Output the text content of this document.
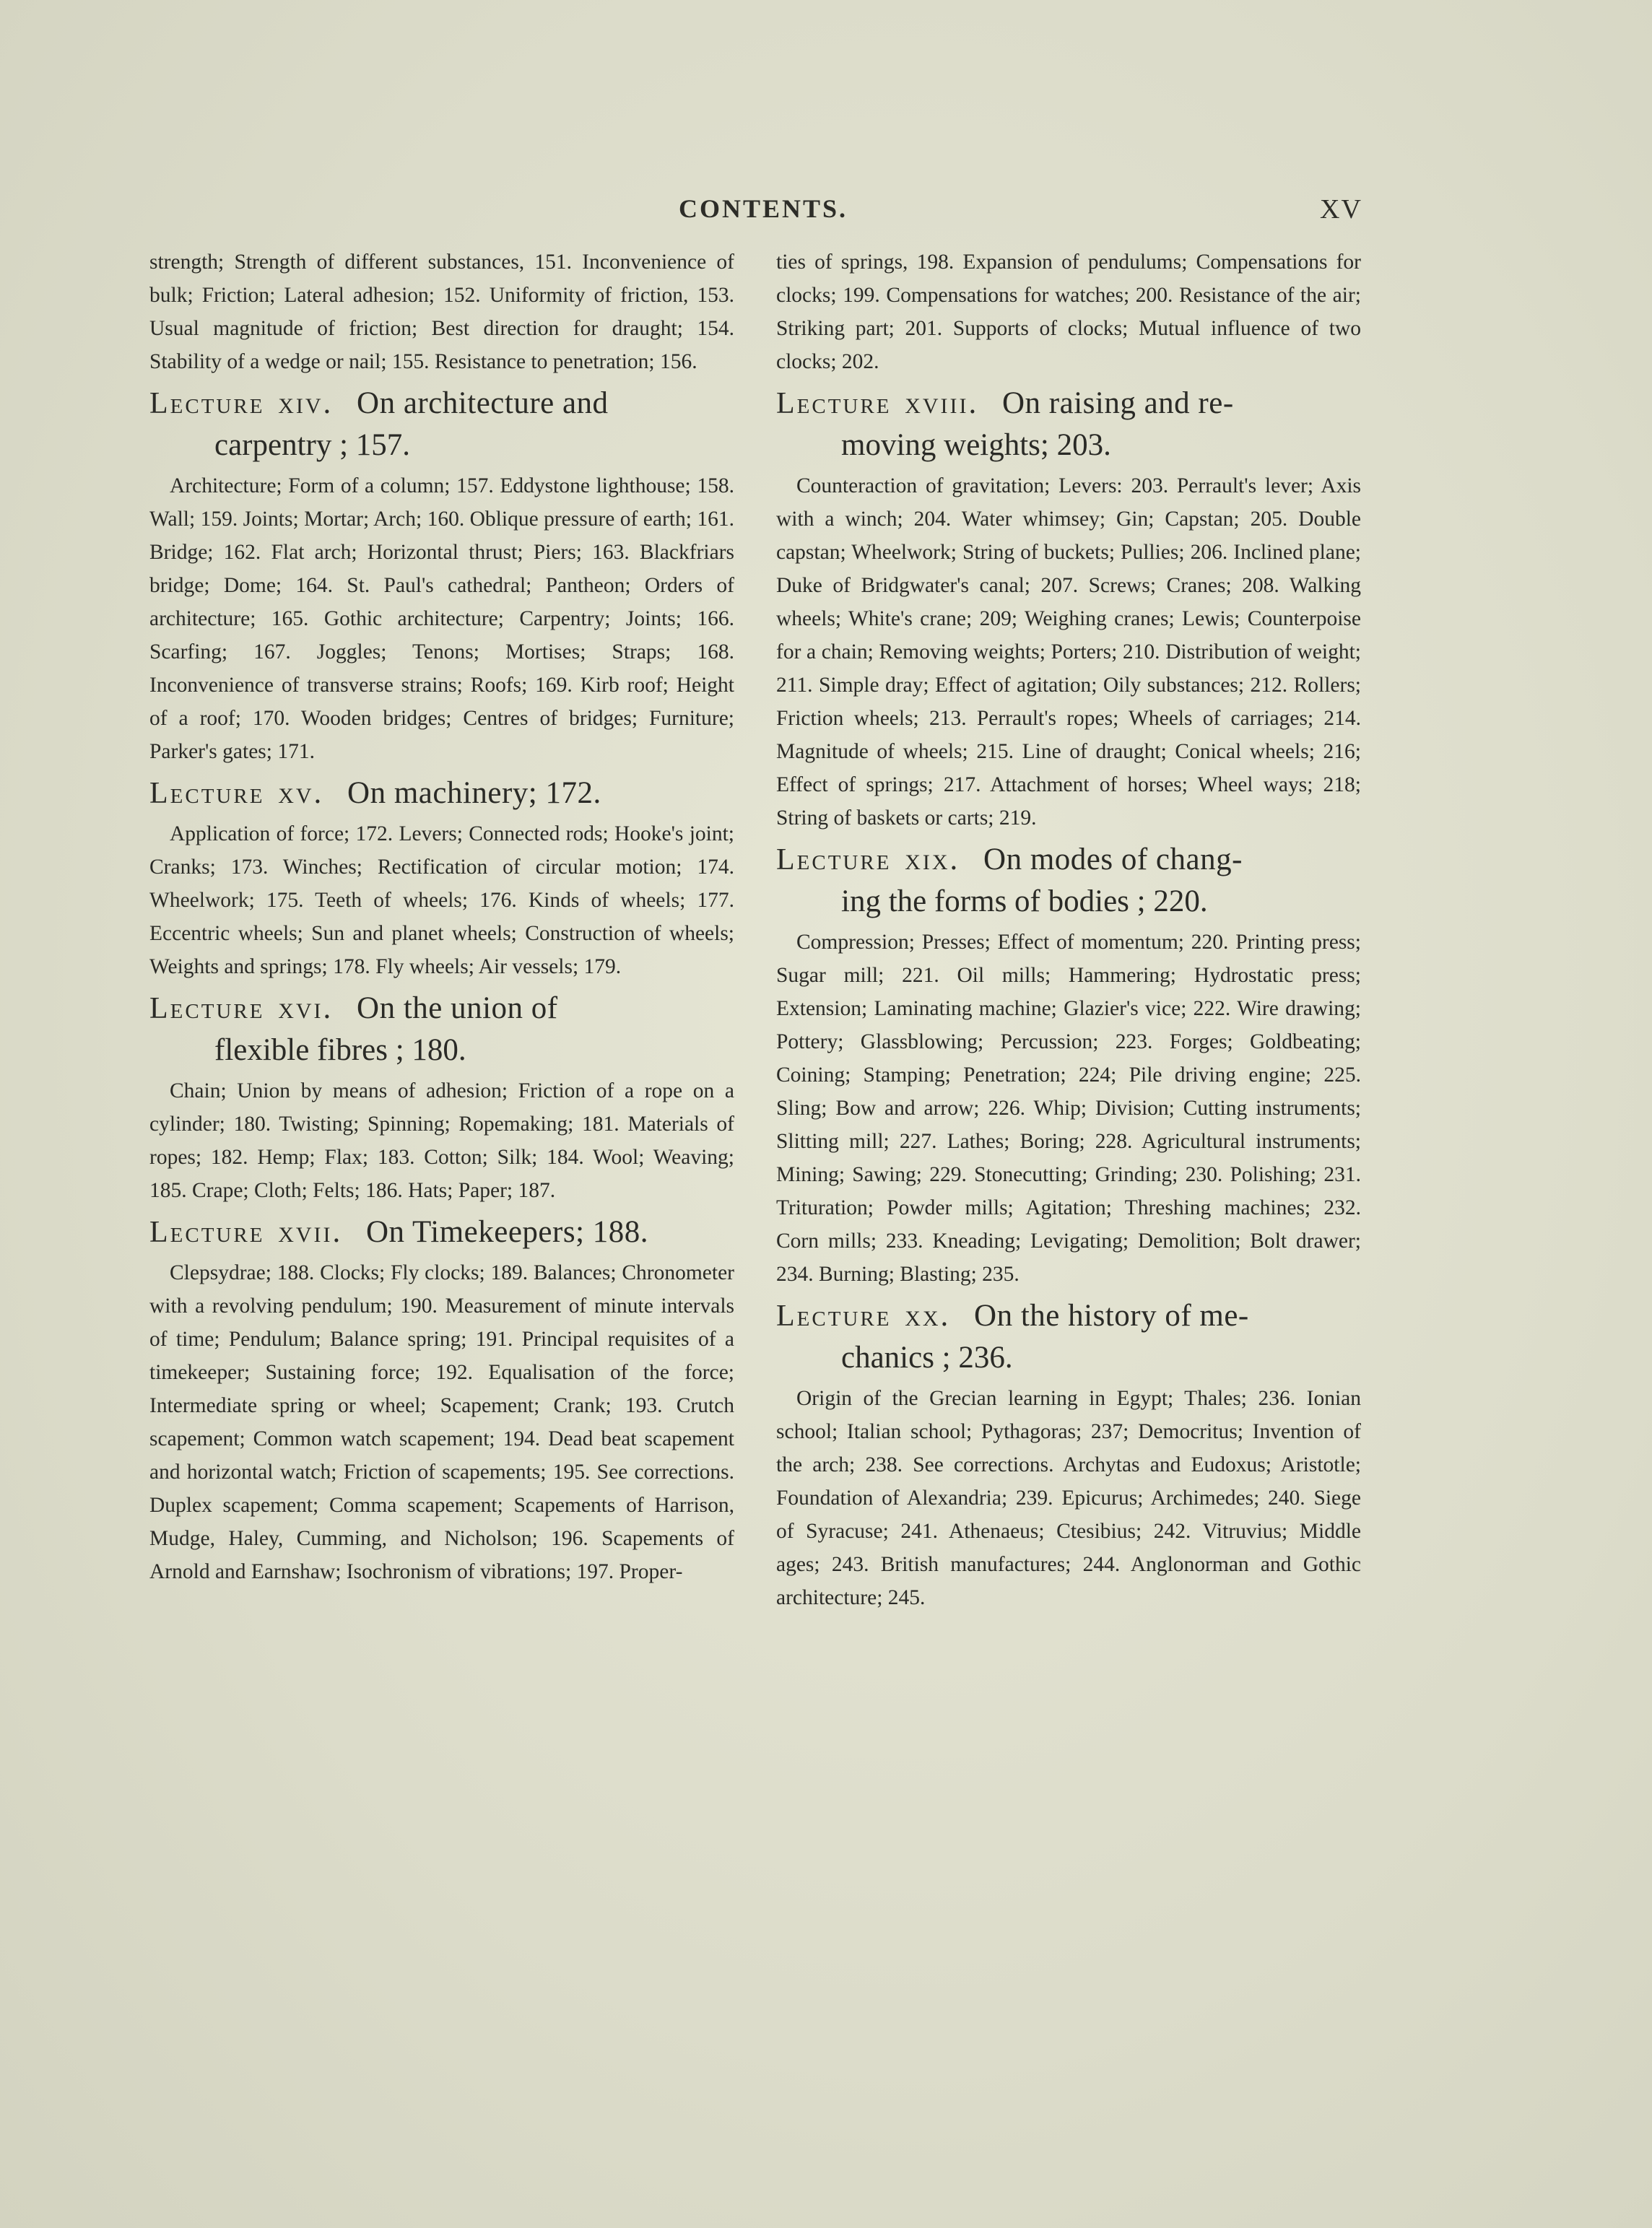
CONTENTS.	XV

strength; Strength of different substances, 151. Inconvenience of bulk; Friction; Lateral adhesion; 152. Uniformity of friction, 153. Usual magnitude of friction; Best direction for draught; 154. Stability of a wedge or nail; 155. Resistance to penetration; 156.

Lecture xiv. On architecture and
carpentry ; 157.

Architecture; Form of a column; 157. Eddystone lighthouse; 158. Wall; 159. Joints; Mortar; Arch; 160. Oblique pressure of earth; 161. Bridge; 162. Flat arch; Horizontal thrust; Piers; 163. Blackfriars bridge; Dome; 164. St. Paul's cathedral; Pantheon; Orders of architecture; 165. Gothic architecture; Carpentry; Joints; 166. Scarfing; 167. Joggles; Tenons; Mortises; Straps; 168. Inconvenience of transverse strains; Roofs; 169. Kirb roof; Height of a roof; 170. Wooden bridges; Centres of bridges; Furniture; Parker's gates; 171.

Lecture xv. On machinery; 172.

Application of force; 172. Levers; Connected rods; Hooke's joint; Cranks; 173. Winches; Rectification of circular motion; 174. Wheelwork; 175. Teeth of wheels; 176. Kinds of wheels; 177. Eccentric wheels; Sun and planet wheels; Construction of wheels; Weights and springs; 178. Fly wheels; Air vessels; 179.

Lecture xvi. On the union of
flexible fibres ; 180.

Chain; Union by means of adhesion; Friction of a rope on a cylinder; 180. Twisting; Spinning; Ropemaking; 181. Materials of ropes; 182. Hemp; Flax; 183. Cotton; Silk; 184. Wool; Weaving; 185. Crape; Cloth; Felts; 186. Hats; Paper; 187.

Lecture xvii. On Timekeepers; 188.

Clepsydrae; 188. Clocks; Fly clocks; 189. Balances; Chronometer with a revolving pendulum; 190. Measurement of minute intervals of time; Pendulum; Balance spring; 191. Principal requisites of a timekeeper; Sustaining force; 192. Equalisation of the force; Intermediate spring or wheel; Scapement; Crank; 193. Crutch scapement; Common watch scapement; 194. Dead beat scapement and horizontal watch; Friction of scapements; 195. See corrections. Duplex scapement; Comma scapement; Scapements of Harrison, Mudge, Haley, Cumming, and Nicholson; 196. Scapements of Arnold and Earnshaw; Isochronism of vibrations; 197. Proper-

ties of springs, 198. Expansion of pendulums; Compensations for clocks; 199. Compensations for watches; 200. Resistance of the air; Striking part; 201. Supports of clocks; Mutual influence of two clocks; 202.

Lecture xviii. On raising and re-
moving weights; 203.

Counteraction of gravitation; Levers: 203. Perrault's lever; Axis with a winch; 204. Water whimsey; Gin; Capstan; 205. Double capstan; Wheelwork; String of buckets; Pullies; 206. Inclined plane; Duke of Bridgwater's canal; 207. Screws; Cranes; 208. Walking wheels; White's crane; 209; Weighing cranes; Lewis; Counterpoise for a chain; Removing weights; Porters; 210. Distribution of weight; 211. Simple dray; Effect of agitation; Oily substances; 212. Rollers; Friction wheels; 213. Perrault's ropes; Wheels of carriages; 214. Magnitude of wheels; 215. Line of draught; Conical wheels; 216; Effect of springs; 217. Attachment of horses; Wheel ways; 218; String of baskets or carts; 219.

Lecture xix. On modes of chang-
ing the forms of bodies ; 220.

Compression; Presses; Effect of momentum; 220. Printing press; Sugar mill; 221. Oil mills; Hammering; Hydrostatic press; Extension; Laminating machine; Glazier's vice; 222. Wire drawing; Pottery; Glassblowing; Percussion; 223. Forges; Goldbeating; Coining; Stamping; Penetration; 224; Pile driving engine; 225. Sling; Bow and arrow; 226. Whip; Division; Cutting instruments; Slitting mill; 227. Lathes; Boring; 228. Agricultural instruments; Mining; Sawing; 229. Stonecutting; Grinding; 230. Polishing; 231. Trituration; Powder mills; Agitation; Threshing machines; 232. Corn mills; 233. Kneading; Levigating; Demolition; Bolt drawer; 234. Burning; Blasting; 235.

Lecture xx. On the history of me-
chanics ; 236.

Origin of the Grecian learning in Egypt; Thales; 236. Ionian school; Italian school; Pythagoras; 237; Democritus; Invention of the arch; 238. See corrections. Archytas and Eudoxus; Aristotle; Foundation of Alexandria; 239. Epicurus; Archimedes; 240. Siege of Syracuse; 241. Athenaeus; Ctesibius; 242. Vitruvius; Middle ages; 243. British manufactures; 244. Anglonorman and Gothic architecture; 245.
